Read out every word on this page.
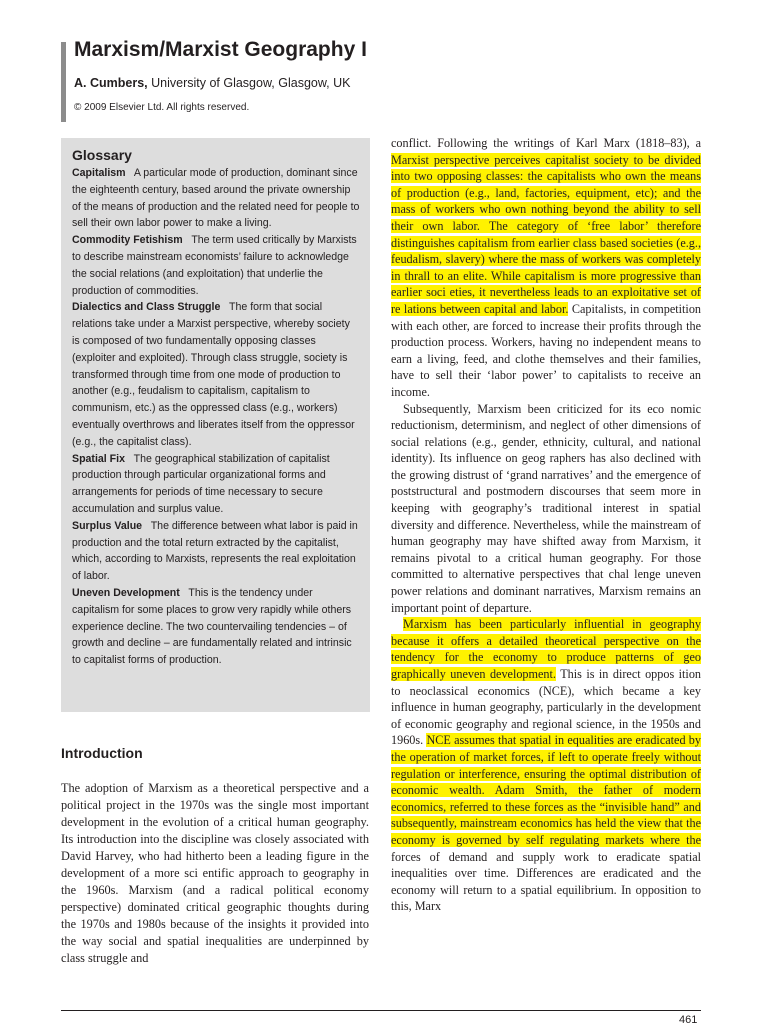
Marxism/Marxist Geography I
A. Cumbers, University of Glasgow, Glasgow, UK
© 2009 Elsevier Ltd. All rights reserved.
Glossary

Capitalism A particular mode of production, dominant since the eighteenth century, based around the private ownership of the means of production and the related need for people to sell their own labor power to make a living.

Commodity Fetishism The term used critically by Marxists to describe mainstream economists’ failure to acknowledge the social relations (and exploitation) that underlie the production of commodities.

Dialectics and Class Struggle The form that social relations take under a Marxist perspective, whereby society is composed of two fundamentally opposing classes (exploiter and exploited). Through class struggle, society is transformed through time from one mode of production to another (e.g., feudalism to capitalism, capitalism to communism, etc.) as the oppressed class (e.g., workers) eventually overthrows and liberates itself from the oppressor (e.g., the capitalist class).

Spatial Fix The geographical stabilization of capitalist production through particular organizational forms and arrangements for periods of time necessary to secure accumulation and surplus value.

Surplus Value The difference between what labor is paid in production and the total return extracted by the capitalist, which, according to Marxists, represents the real exploitation of labor.

Uneven Development This is the tendency under capitalism for some places to grow very rapidly while others experience decline. The two countervailing tendencies – of growth and decline – are fundamentally related and intrinsic to capitalist forms of production.

Introduction

The adoption of Marxism as a theoretical perspective and a political project in the 1970s was the single most important development in the evolution of a critical human geography. Its introduction into the discipline was closely associated with David Harvey, who had hitherto been a leading figure in the development of a more sci entific approach to geography in the 1960s. Marxism (and a radical political economy perspective) dominated critical geographic thoughts during the 1970s and 1980s because of the insights it provided into the way social and spatial inequalities are underpinned by class struggle and

conflict. Following the writings of Karl Marx (1818–83), a Marxist perspective perceives capitalist society to be divided into two opposing classes: the capitalists who own the means of production (e.g., land, factories, equipment, etc); and the mass of workers who own nothing beyond the ability to sell their own labor. The category of ‘free labor’ therefore distinguishes capitalism from earlier class based societies (e.g., feudalism, slavery) where the mass of workers was completely in thrall to an elite. While capitalism is more progressive than earlier soci eties, it nevertheless leads to an exploitative set of re lations between capital and labor. Capitalists, in competition with each other, are forced to increase their profits through the production process. Workers, having no independent means to earn a living, feed, and clothe themselves and their families, have to sell their ‘labor power’ to capitalists to receive an income.

Subsequently, Marxism been criticized for its eco nomic reductionism, determinism, and neglect of other dimensions of social relations (e.g., gender, ethnicity, cultural, and national identity). Its influence on geog raphers has also declined with the growing distrust of ‘grand narratives’ and the emergence of poststructural and postmodern discourses that seem more in keeping with geography’s traditional interest in spatial diversity and difference. Nevertheless, while the mainstream of human geography may have shifted away from Marxism, it remains pivotal to a critical human geography. For those committed to alternative perspectives that chal lenge uneven power relations and dominant narratives, Marxism remains an important point of departure.

Marxism has been particularly influential in geography because it offers a detailed theoretical perspective on the tendency for the economy to produce patterns of geo graphically uneven development. This is in direct oppos ition to neoclassical economics (NCE), which became a key influence in human geography, particularly in the development of economic geography and regional science, in the 1950s and 1960s. NCE assumes that spatial in equalities are eradicated by the operation of market forces, if left to operate freely without regulation or interference, ensuring the optimal distribution of economic wealth. Adam Smith, the father of modern economics, referred to these forces as the “invisible hand” and subsequently, mainstream economics has held the view that the economy is governed by self regulating markets where the forces of demand and supply work to eradicate spatial inequalities over time. Differences are eradicated and the economy will return to a spatial equilibrium. In opposition to this, Marx

461
